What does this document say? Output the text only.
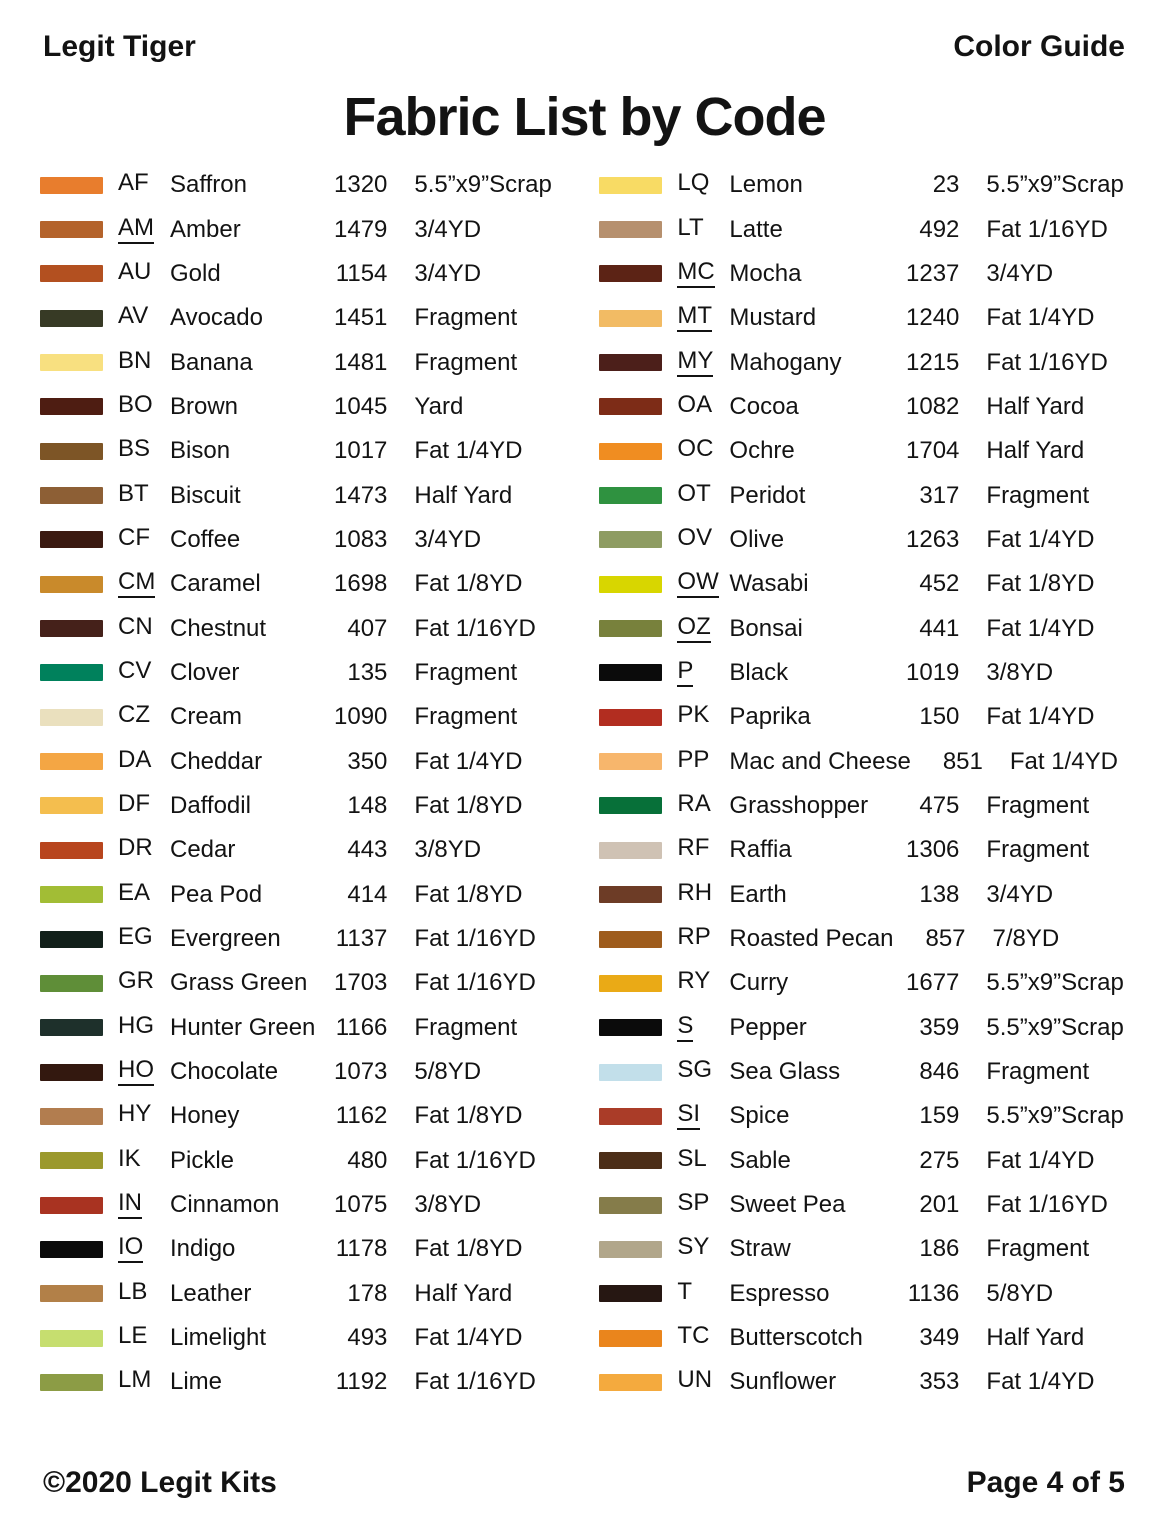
Legit Tiger	Color Guide
Fabric List by Code
AF Saffron	1320 5.5”x9”Scrap
AM Amber	1479 3/4YD
AU Gold	1154 3/4YD
AV Avocado	1451 Fragment
BN Banana	1481 Fragment
BO Brown	1045 Yard
BS Bison	1017 Fat 1/4YD
BT Biscuit	1473 Half Yard
CF Coffee	1083 3/4YD
CM Caramel	1698 Fat 1/8YD
CN Chestnut	407 Fat 1/16YD
CV Clover	135 Fragment
CZ Cream	1090 Fragment
DA Cheddar	350 Fat 1/4YD
DF Daffodil	148 Fat 1/8YD
DR Cedar	443 3/8YD
EA Pea Pod	414 Fat 1/8YD
EG Evergreen	1137 Fat 1/16YD
GR Grass Green	1703 Fat 1/16YD
HG Hunter Green 1166 Fragment
HO Chocolate	1073 5/8YD
HY Honey	1162 Fat 1/8YD
IK	Pickle	480 Fat 1/16YD
IN	Cinnamon	1075 3/8YD
IO	Indigo	1178 Fat 1/8YD
LB Leather	178 Half Yard
LE Limelight	493 Fat 1/4YD
LM Lime	1192 Fat 1/16YD
LQ Lemon	23 5.5”x9”Scrap
LT	Latte	492 Fat 1/16YD
MC Mocha	1237 3/4YD
MT Mustard	1240 Fat 1/4YD
MY Mahogany	1215 Fat 1/16YD
OA Cocoa	1082 Half Yard
OC Ochre	1704 Half Yard
OT Peridot	317 Fragment
OV Olive	1263 Fat 1/4YD
OW Wasabi	452 Fat 1/8YD
OZ Bonsai	441 Fat 1/4YD
P	Black	1019 3/8YD
PK Paprika	150 Fat 1/4YD
PP Mac and Cheese	851 Fat 1/4YD
RA Grasshopper	475 Fragment
RF Raffia	1306 Fragment
RH Earth	138 3/4YD
RP Roasted Pecan	857 7/8YD
RY Curry	1677 5.5”x9”Scrap
S	Pepper	359 5.5”x9”Scrap
SG Sea Glass	846 Fragment
SI	Spice	159 5.5”x9”Scrap
SL Sable	275 Fat 1/4YD
SP Sweet Pea	201 Fat 1/16YD
SY Straw	186 Fragment
T	Espresso	1136 5/8YD
TC Butterscotch	349 Half Yard
UN Sunflower	353 Fat 1/4YD
©2020 Legit Kits	Page 4 of 5
